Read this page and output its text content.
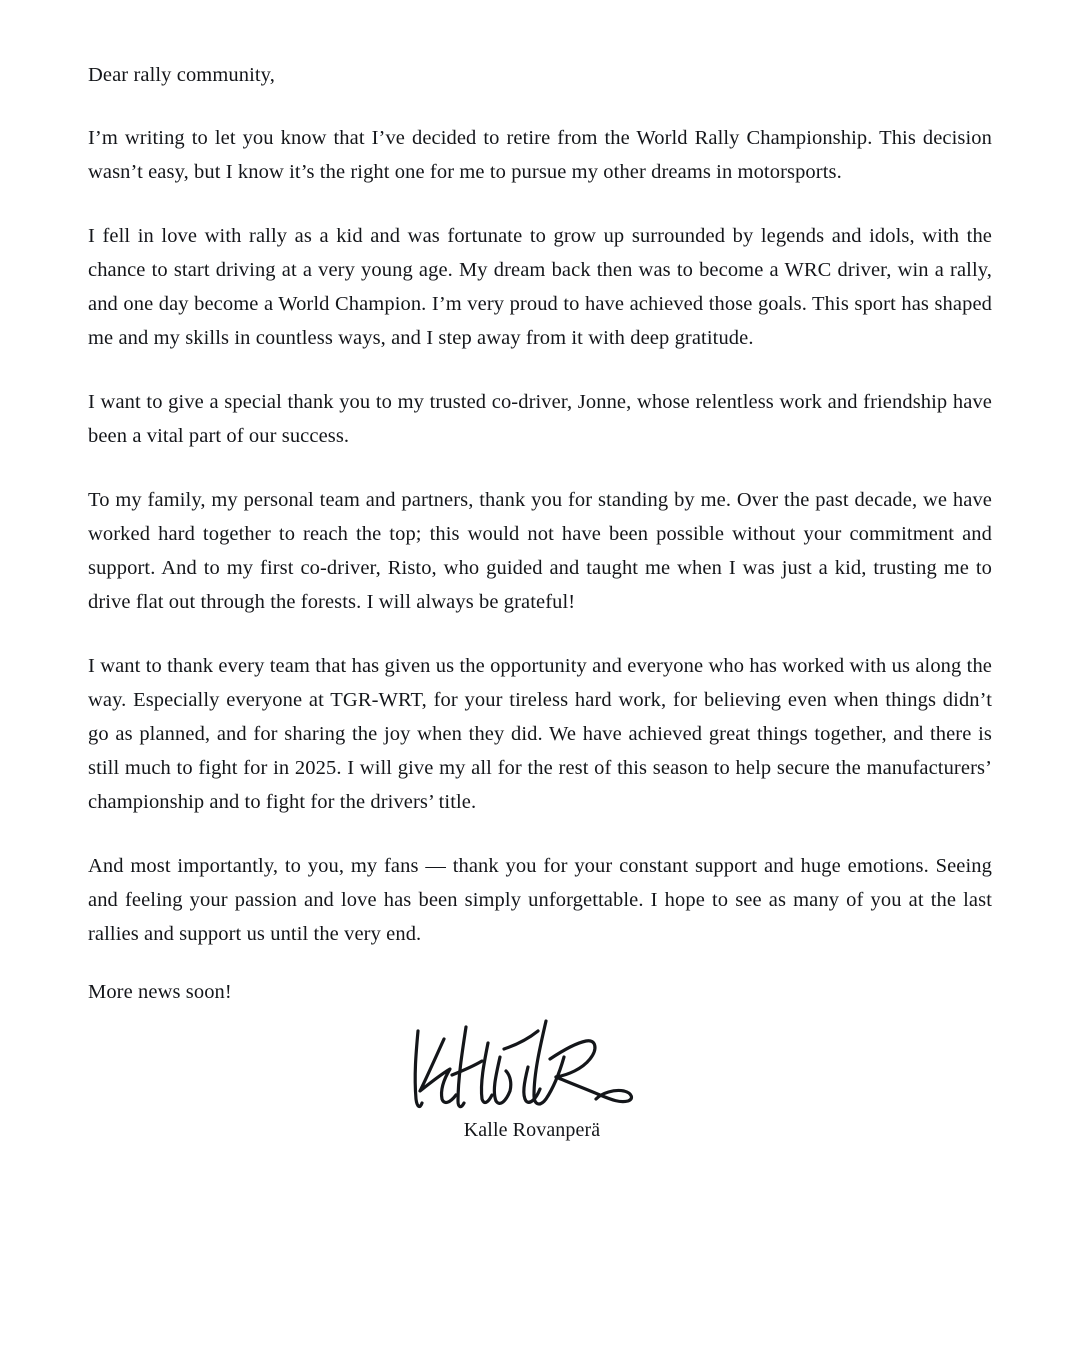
Dear rally community,

I’m writing to let you know that I’ve decided to retire from the World Rally Championship. This decision wasn’t easy, but I know it’s the right one for me to pursue my other dreams in motorsports.

I fell in love with rally as a kid and was fortunate to grow up surrounded by legends and idols, with the chance to start driving at a very young age. My dream back then was to become a WRC driver, win a rally, and one day become a World Champion. I’m very proud to have achieved those goals. This sport has shaped me and my skills in countless ways, and I step away from it with deep gratitude.

I want to give a special thank you to my trusted co-driver, Jonne, whose relentless work and friendship have been a vital part of our success.

To my family, my personal team and partners, thank you for standing by me. Over the past decade, we have worked hard together to reach the top; this would not have been possible without your commitment and support. And to my first co-driver, Risto, who guided and taught me when I was just a kid, trusting me to drive flat out through the forests. I will always be grateful!

I want to thank every team that has given us the opportunity and everyone who has worked with us along the way. Especially everyone at TGR-WRT, for your tireless hard work, for believing even when things didn’t go as planned, and for sharing the joy when they did. We have achieved great things together, and there is still much to fight for in 2025. I will give my all for the rest of this season to help secure the manufacturers’ championship and to fight for the drivers’ title.

And most importantly, to you, my fans — thank you for your constant support and huge emotions. Seeing and feeling your passion and love has been simply unforgettable. I hope to see as many of you at the last rallies and support us until the very end.

More news soon!

Kalle Rovanperä
